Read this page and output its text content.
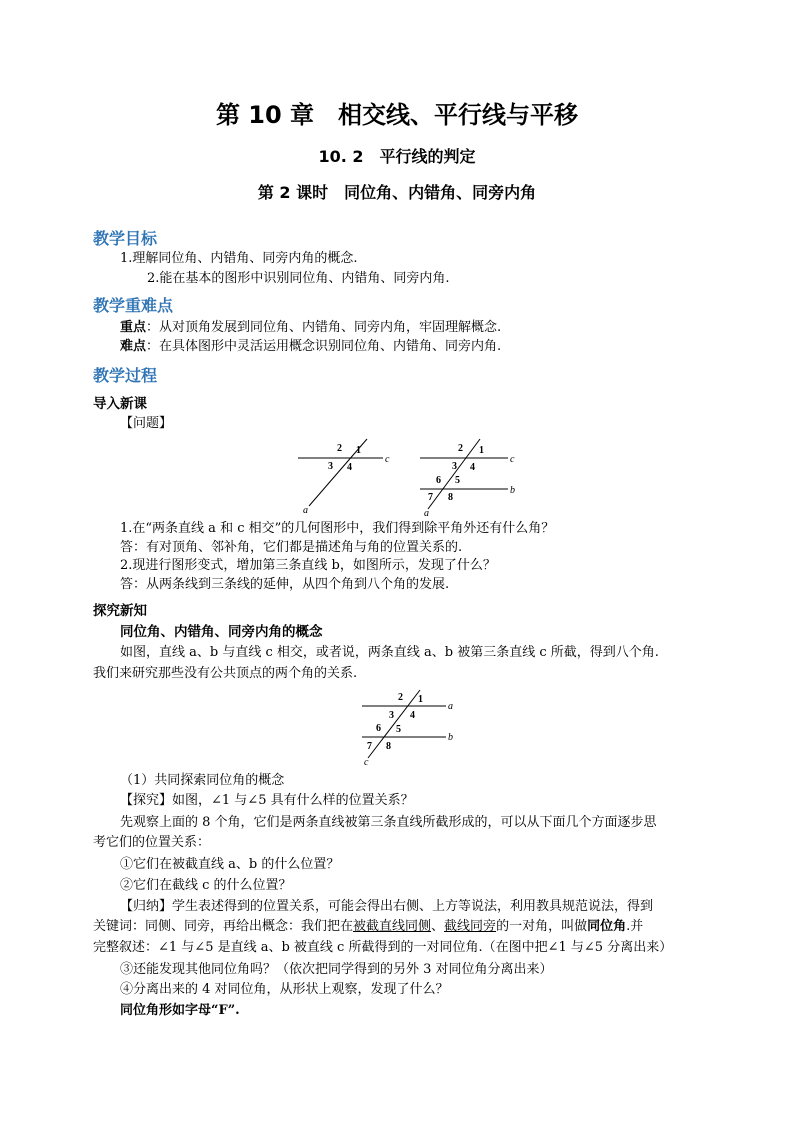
第 10 章　相交线、平行线与平移
10. 2　平行线的判定
第 2 课时　同位角、内错角、同旁内角
教学目标
1.理解同位角、内错角、同旁内角的概念.
2.能在基本的图形中识别同位角、内错角、同旁内角.
教学重难点
重点：从对顶角发展到同位角、内错角、同旁内角，牢固理解概念.
难点：在具体图形中灵活运用概念识别同位角、内错角、同旁内角.
教学过程
导入新课
【问题】
2 1
3 4
c
a
2 1
3 4
6 5
7 8
c
b
a
1.在“两条直线 a 和 c 相交”的几何图形中，我们得到除平角外还有什么角？
答：有对顶角、邻补角，它们都是描述角与角的位置关系的.
2.现进行图形变式，增加第三条直线 b，如图所示，发现了什么？
答：从两条线到三条线的延伸，从四个角到八个角的发展.
探究新知
同位角、内错角、同旁内角的概念
如图，直线 a、b 与直线 c 相交，或者说，两条直线 a、b 被第三条直线 c 所截，得到八个角.
我们来研究那些没有公共顶点的两个角的关系.
2 1
3 4
6 5
7 8
a
b
c
（1）共同探索同位角的概念
【探究】如图，∠1 与∠5 具有什么样的位置关系？
先观察上面的 8 个角，它们是两条直线被第三条直线所截形成的，可以从下面几个方面逐步思
考它们的位置关系：
①它们在被截直线 a、b 的什么位置？
②它们在截线 c 的什么位置？
【归纳】学生表述得到的位置关系，可能会得出右侧、上方等说法，利用教具规范说法，得到
关键词：同侧、同旁，再给出概念：我们把在被截直线同侧、截线同旁的一对角，叫做同位角.并
完整叙述：∠1 与∠5 是直线 a、b 被直线 c 所截得到的一对同位角.（在图中把∠1 与∠5 分离出来）
③还能发现其他同位角吗？（依次把同学得到的另外 3 对同位角分离出来）
④分离出来的 4 对同位角，从形状上观察，发现了什么？
同位角形如字母“F”.
